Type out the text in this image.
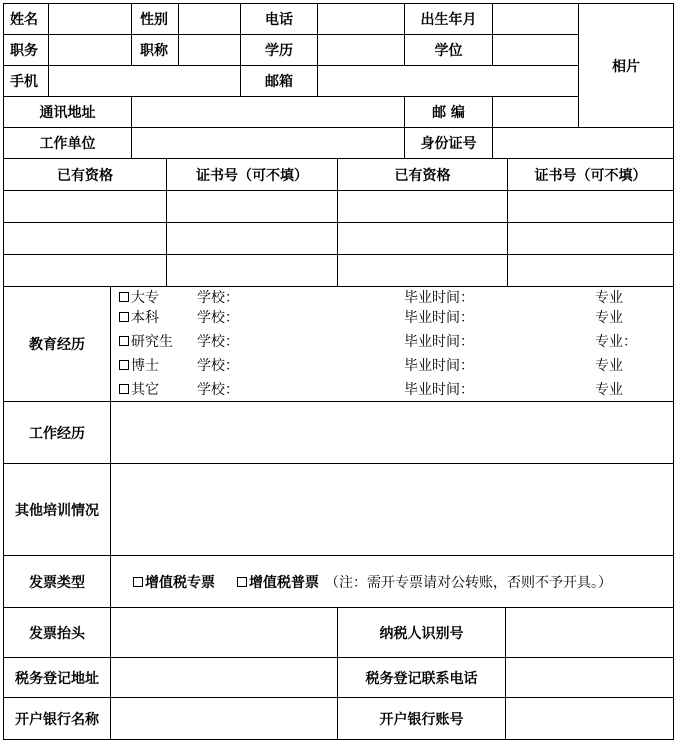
姓名	性别	电话	出生年月
相片
职务	职称	学历	学位
手机	邮箱
通讯地址	邮 编
工作单位	身份证号
已有资格	证书号（可不填）	已有资格	证书号（可不填）
教育经历
大专	学校：	毕业时间：	专业
本科	学校：	毕业时间：	专业
研究生 学校：	毕业时间：	专业：
博士	学校：	毕业时间：	专业
其它	学校：	毕业时间：	专业
工作经历
其他培训情况
发票类型	增值税专票 增值税普票 （注：需开专票请对公转账，否则不予开具。）
发票抬头	纳税人识别号
税务登记地址	税务登记联系电话
开户银行名称	开户银行账号
